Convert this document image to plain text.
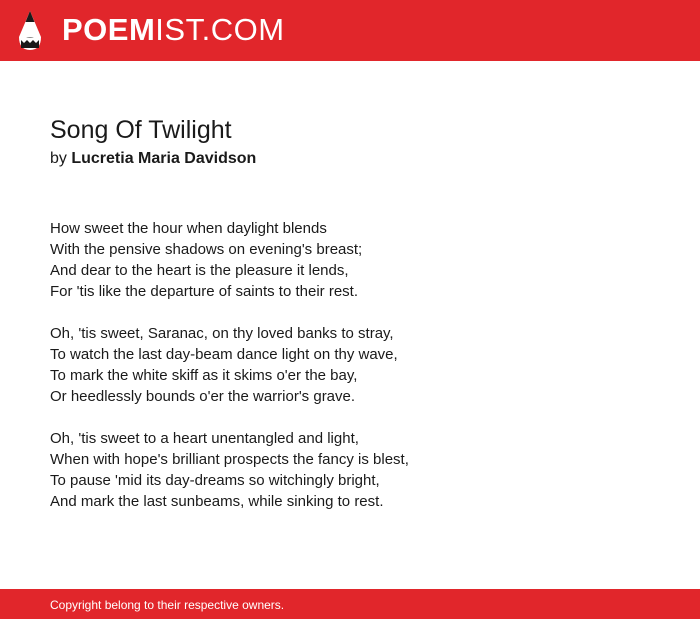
POEMIST.COM
Song Of Twilight
by Lucretia Maria Davidson
How sweet the hour when daylight blends
With the pensive shadows on evening's breast;
And dear to the heart is the pleasure it lends,
For 'tis like the departure of saints to their rest.
Oh, 'tis sweet, Saranac, on thy loved banks to stray,
To watch the last day-beam dance light on thy wave,
To mark the white skiff as it skims o'er the bay,
Or heedlessly bounds o'er the warrior's grave.
Oh, 'tis sweet to a heart unentangled and light,
When with hope's brilliant prospects the fancy is blest,
To pause 'mid its day-dreams so witchingly bright,
And mark the last sunbeams, while sinking to rest.
Copyright belong to their respective owners.
